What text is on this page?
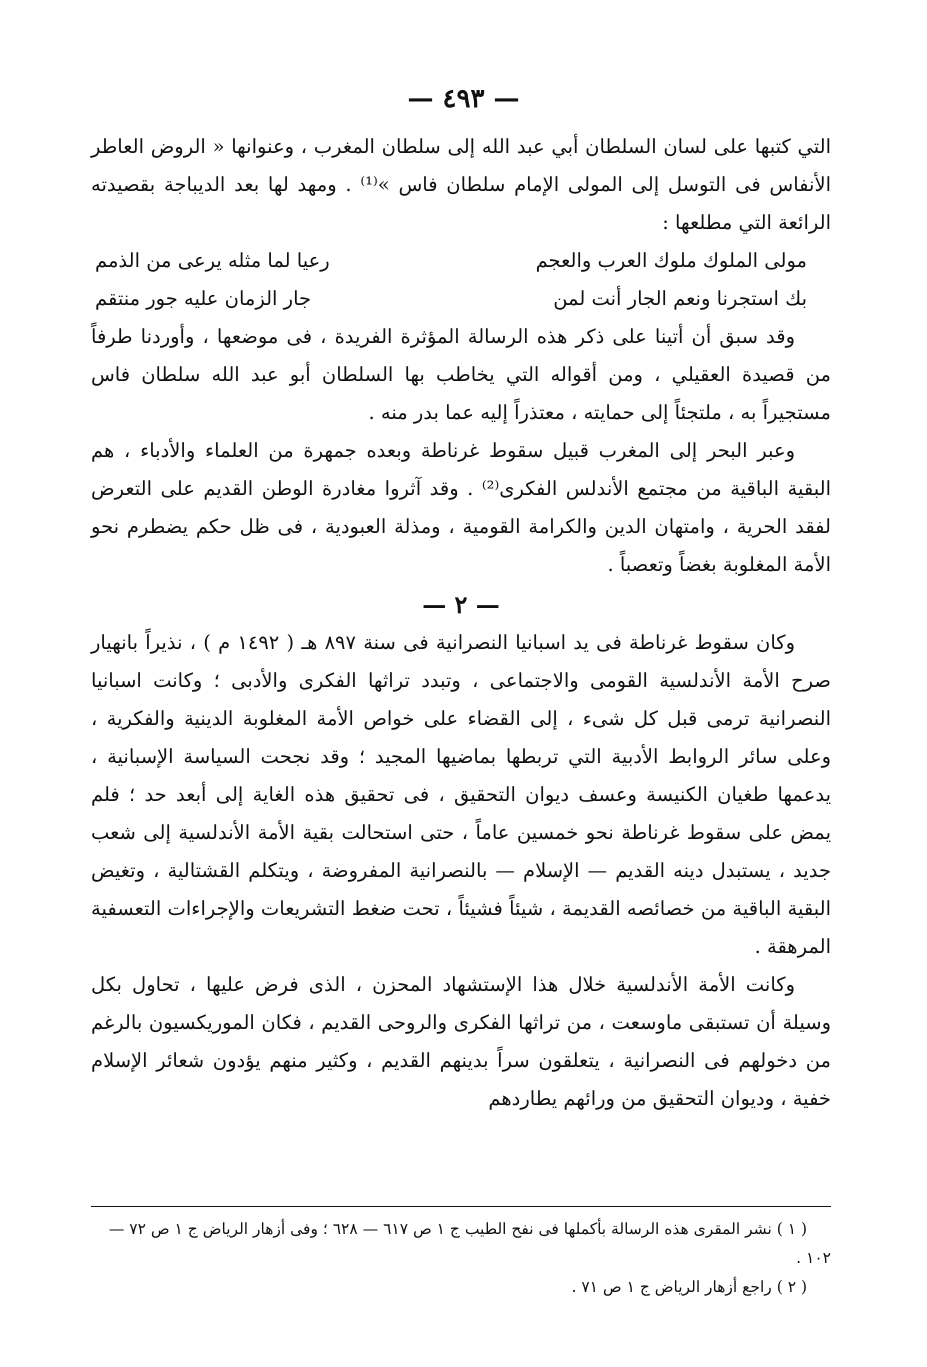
— ٤٩٣ —

التي كتبها على لسان السلطان أبي عبد الله إلى سلطان المغرب ، وعنوانها « الروض العاطر الأنفاس فى التوسل إلى المولى الإمام سلطان فاس »⁽¹⁾ . ومهد لها بعد الديباجة بقصيدته الرائعة التي مطلعها :

مولى الملوك ملوك العرب والعجم
رعيا لما مثله يرعى من الذمم
بك استجرنا ونعم الجار أنت لمن
جار الزمان عليه جور منتقم

وقد سبق أن أتينا على ذكر هذه الرسالة المؤثرة الفريدة ، فى موضعها ، وأوردنا طرفاً من قصيدة العقيلي ، ومن أقواله التي يخاطب بها السلطان أبو عبد الله سلطان فاس مستجيراً به ، ملتجئاً إلى حمايته ، معتذراً إليه عما بدر منه .

وعبر البحر إلى المغرب قبيل سقوط غرناطة وبعده جمهرة من العلماء والأدباء ، هم البقية الباقية من مجتمع الأندلس الفكرى⁽²⁾ . وقد آثروا مغادرة الوطن القديم على التعرض لفقد الحرية ، وامتهان الدين والكرامة القومية ، ومذلة العبودية ، فى ظل حكم يضطرم نحو الأمة المغلوبة بغضاً وتعصباً .

— ٢ —

وكان سقوط غرناطة فى يد اسبانيا النصرانية فى سنة ٨٩٧ هـ ( ١٤٩٢ م ) ، نذيراً بانهيار صرح الأمة الأندلسية القومى والاجتماعى ، وتبدد تراثها الفكرى والأدبى ؛ وكانت اسبانيا النصرانية ترمى قبل كل شىء ، إلى القضاء على خواص الأمة المغلوبة الدينية والفكرية ، وعلى سائر الروابط الأدبية التي تربطها بماضيها المجيد ؛ وقد نجحت السياسة الإسبانية ، يدعمها طغيان الكنيسة وعسف ديوان التحقيق ، فى تحقيق هذه الغاية إلى أبعد حد ؛ فلم يمض على سقوط غرناطة نحو خمسين عاماً ، حتى استحالت بقية الأمة الأندلسية إلى شعب جديد ، يستبدل دينه القديم — الإسلام — بالنصرانية المفروضة ، ويتكلم القشتالية ، وتغيض البقية الباقية من خصائصه القديمة ، شيئاً فشيئاً ، تحت ضغط التشريعات والإجراءات التعسفية المرهقة .

وكانت الأمة الأندلسية خلال هذا الإستشهاد المحزن ، الذى فرض عليها ، تحاول بكل وسيلة أن تستبقى ماوسعت ، من تراثها الفكرى والروحى القديم ، فكان الموريكسيون بالرغم من دخولهم فى النصرانية ، يتعلقون سراً بدينهم القديم ، وكثير منهم يؤدون شعائر الإسلام خفية ، وديوان التحقيق من ورائهم يطاردهم

( ١ ) نشر المقرى هذه الرسالة بأكملها فى نفح الطيب ج ١ ص ٦١٧ — ٦٢٨ ؛ وفى أزهار الرياض ج ١ ص ٧٢ — ١٠٢ .

( ٢ ) راجع أزهار الرياض ج ١ ص ٧١ .
